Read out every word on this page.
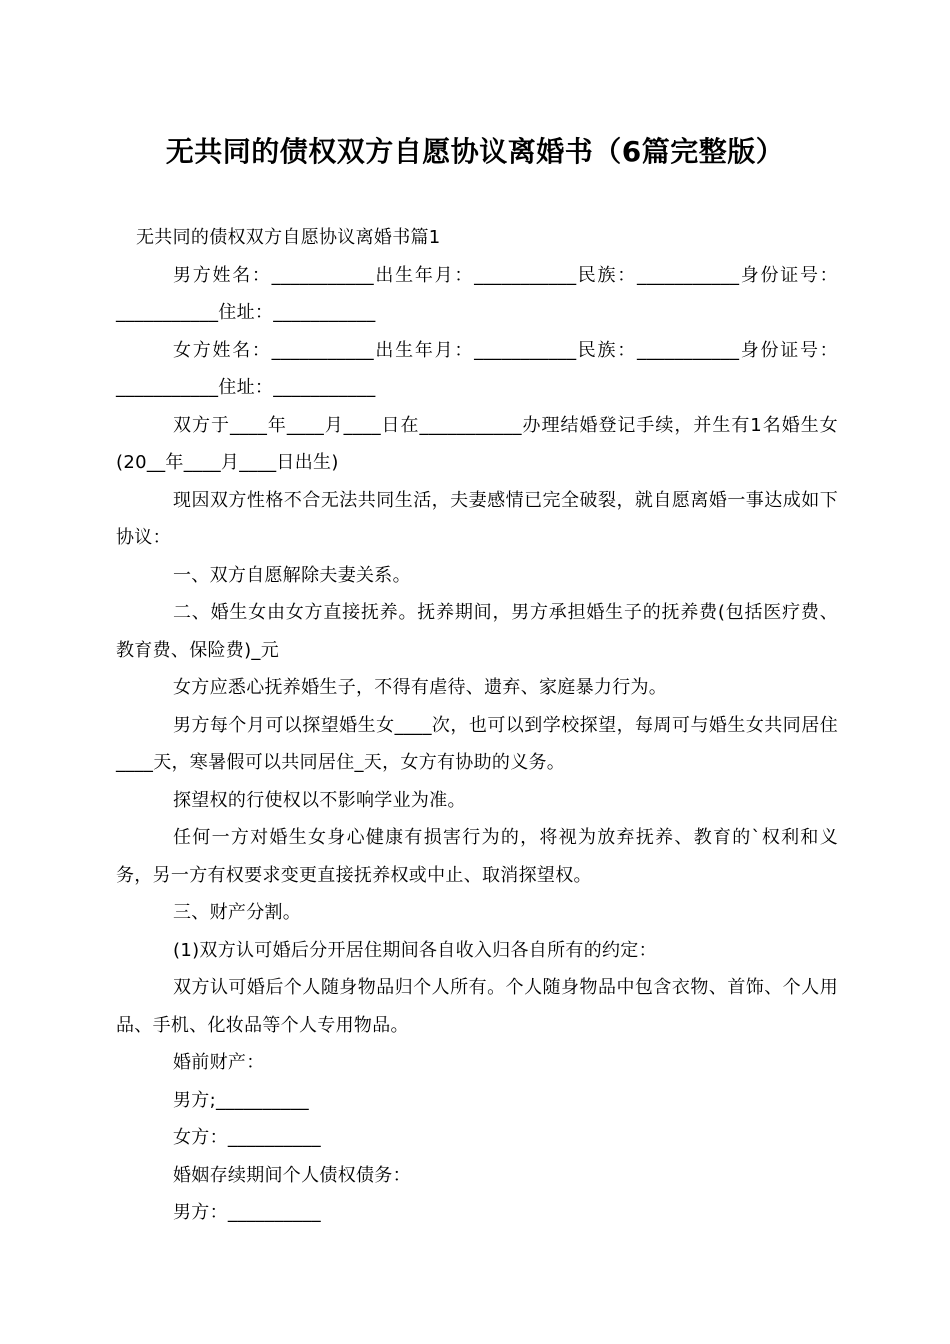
无共同的债权双方自愿协议离婚书（6篇完整版）

无共同的债权双方自愿协议离婚书篇1

男方姓名：___________出生年月：___________民族：___________身份证号：___________住址：___________

女方姓名：___________出生年月：___________民族：___________身份证号：___________住址：___________

双方于____年____月____日在___________办理结婚登记手续，并生有1名婚生女(20__年____月____日出生)

现因双方性格不合无法共同生活，夫妻感情已完全破裂，就自愿离婚一事达成如下协议：

一、双方自愿解除夫妻关系。

二、婚生女由女方直接抚养。抚养期间，男方承担婚生子的抚养费(包括医疗费、教育费、保险费)_元

女方应悉心抚养婚生子，不得有虐待、遗弃、家庭暴力行为。

男方每个月可以探望婚生女____次，也可以到学校探望，每周可与婚生女共同居住____天，寒暑假可以共同居住_天，女方有协助的义务。

探望权的行使权以不影响学业为准。

任何一方对婚生女身心健康有损害行为的，将视为放弃抚养、教育的`权利和义务，另一方有权要求变更直接抚养权或中止、取消探望权。

三、财产分割。

(1)双方认可婚后分开居住期间各自收入归各自所有的约定：

双方认可婚后个人随身物品归个人所有。个人随身物品中包含衣物、首饰、个人用品、手机、化妆品等个人专用物品。

婚前财产：

男方;__________

女方：__________

婚姻存续期间个人债权债务：

男方：__________
